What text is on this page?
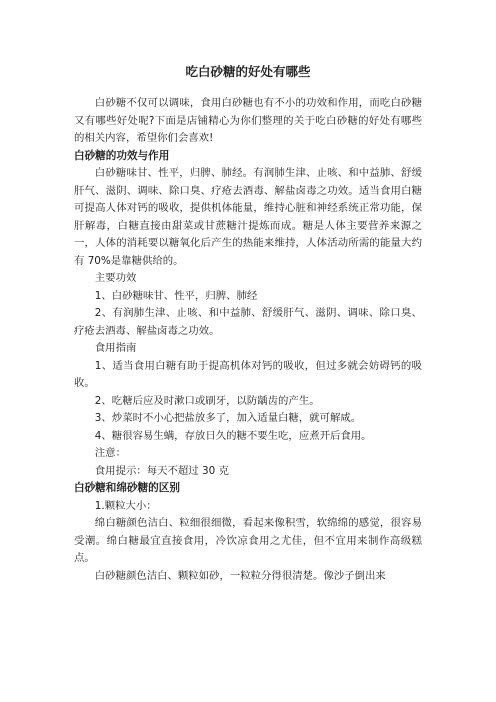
吃白砂糖的好处有哪些

白砂糖不仅可以调味，食用白砂糖也有不小的功效和作用，而吃白砂糖又有哪些好处呢?下面是店铺精心为你们整理的关于吃白砂糖的好处有哪些的相关内容，希望你们会喜欢!

白砂糖的功效与作用

白砂糖味甘、性平，归脾、肺经。有润肺生津、止咳、和中益肺、舒缓肝气、滋阴、调味、除口臭、疗疮去酒毒、解盐卤毒之功效。适当食用白糖可提高人体对钙的吸收，提供机体能量，维持心脏和神经系统正常功能，保肝解毒，白糖直接由甜菜或甘蔗糖汁提炼而成。糖是人体主要营养来源之一，人体的消耗要以糖氧化后产生的热能来维持，人体活动所需的能量大约有 70%是靠糖供给的。

主要功效

1、白砂糖味甘、性平，归脾、肺经

2、有润肺生津、止咳、和中益肺、舒缓肝气、滋阴、调味、除口臭、疗疮去酒毒、解盐卤毒之功效。

食用指南

1、适当食用白糖有助于提高机体对钙的吸收，但过多就会妨碍钙的吸收。

2、吃糖后应及时漱口或刷牙，以防龋齿的产生。

3、炒菜时不小心把盐放多了，加入适量白糖，就可解咸。

4、糖很容易生螨，存放日久的糖不要生吃，应煮开后食用。

注意：

食用提示：每天不超过 30 克

白砂糖和绵砂糖的区别

1.颗粒大小：

绵白糖颜色洁白、粒细很细微，看起来像积雪，软绵绵的感觉，很容易受潮。绵白糖最宜直接食用，冷饮凉食用之尤佳，但不宜用来制作高级糕点。

白砂糖颜色洁白、颗粒如砂，一粒粒分得很清楚。像沙子倒出来
